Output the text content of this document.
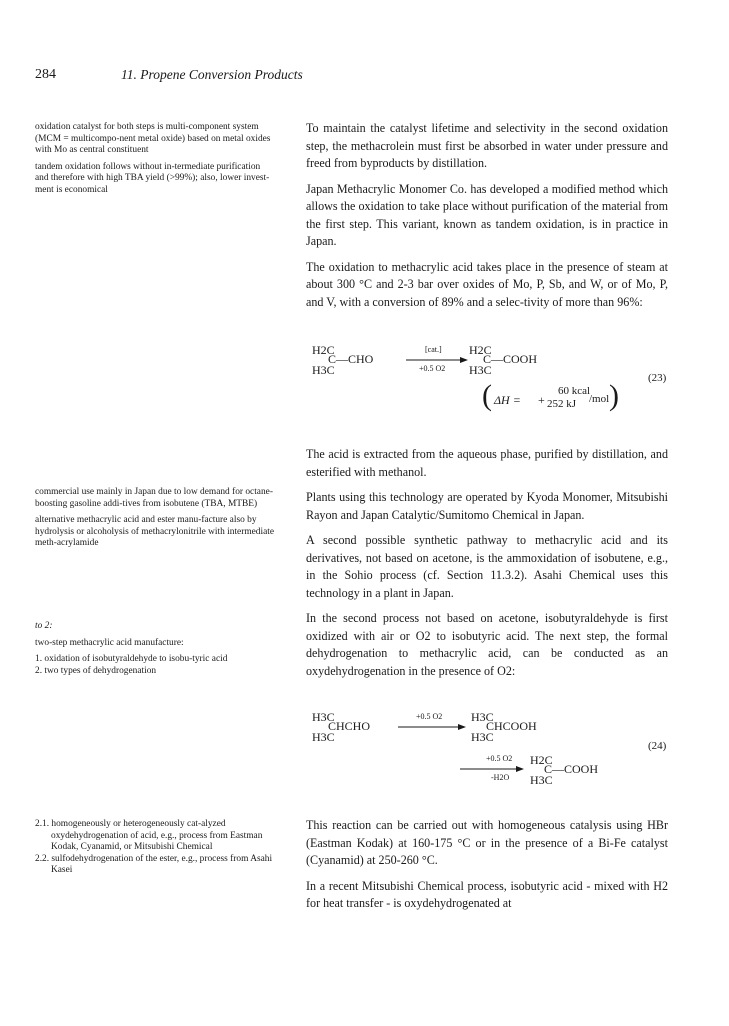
284	11. Propene Conversion Products

oxidation catalyst for both steps is multi-component system (MCM = multicompo-nent metal oxide) based on metal oxides with Mo as central constituent

tandem oxidation follows without in-termediate purification and therefore with high TBA yield (>99%); also, lower invest-ment is economical

commercial use mainly in Japan due to low demand for octane-boosting gasoline addi-tives from isobutene (TBA, MTBE)

alternative methacrylic acid and ester manu-facture also by hydrolysis or alcoholysis of methacrylonitrile with intermediate meth-acrylamide

to 2:

two-step methacrylic acid manufacture:

1. oxidation of isobutyraldehyde to isobu-tyric acid

2. two types of dehydrogenation

2.1. homogeneously or heterogeneously cat-alyzed oxydehydrogenation of acid, e.g., process from Eastman Kodak, Cyanamid, or Mitsubishi Chemical

2.2. sulfodehydrogenation of the ester, e.g., process from Asahi Kasei

To maintain the catalyst lifetime and selectivity in the second oxidation step, the methacrolein must first be absorbed in water under pressure and freed from byproducts by distillation.

Japan Methacrylic Monomer Co. has developed a modified method which allows the oxidation to take place without purification of the material from the first step. This variant, known as tandem oxidation, is in practice in Japan.

The oxidation to methacrylic acid takes place in the presence of steam at about 300 °C and 2-3 bar over oxides of Mo, P, Sb, and W, or of Mo, P, and V, with a conversion of 89% and a selec-tivity of more than 96%:

H2C
C—CHO
H3C
[cat.]
+0.5 O2
H2C
C—COOH
H3C
( ΔH = +
60 kcal
252 kJ /mol )
(23)

The acid is extracted from the aqueous phase, purified by distillation, and esterified with methanol.

Plants using this technology are operated by Kyoda Monomer, Mitsubishi Rayon and Japan Catalytic/Sumitomo Chemical in Japan.

A second possible synthetic pathway to methacrylic acid and its derivatives, not based on acetone, is the ammoxidation of isobutene, e.g., in the Sohio process (cf. Section 11.3.2). Asahi Chemical uses this technology in a plant in Japan.

In the second process not based on acetone, isobutyraldehyde is first oxidized with air or O2 to isobutyric acid. The next step, the formal dehydrogenation to methacrylic acid, can be conducted as an oxydehydrogenation in the presence of O2:

H3C
CHCHO
H3C
+0.5 O2 H3C
CHCOOH
H3C
+0.5 O2
-H2O
H2C
C—COOH
H3C
(24)

This reaction can be carried out with homogeneous catalysis using HBr (Eastman Kodak) at 160-175 °C or in the presence of a Bi-Fe catalyst (Cyanamid) at 250-260 °C.

In a recent Mitsubishi Chemical process, isobutyric acid - mixed with H2 for heat transfer - is oxydehydrogenated at
